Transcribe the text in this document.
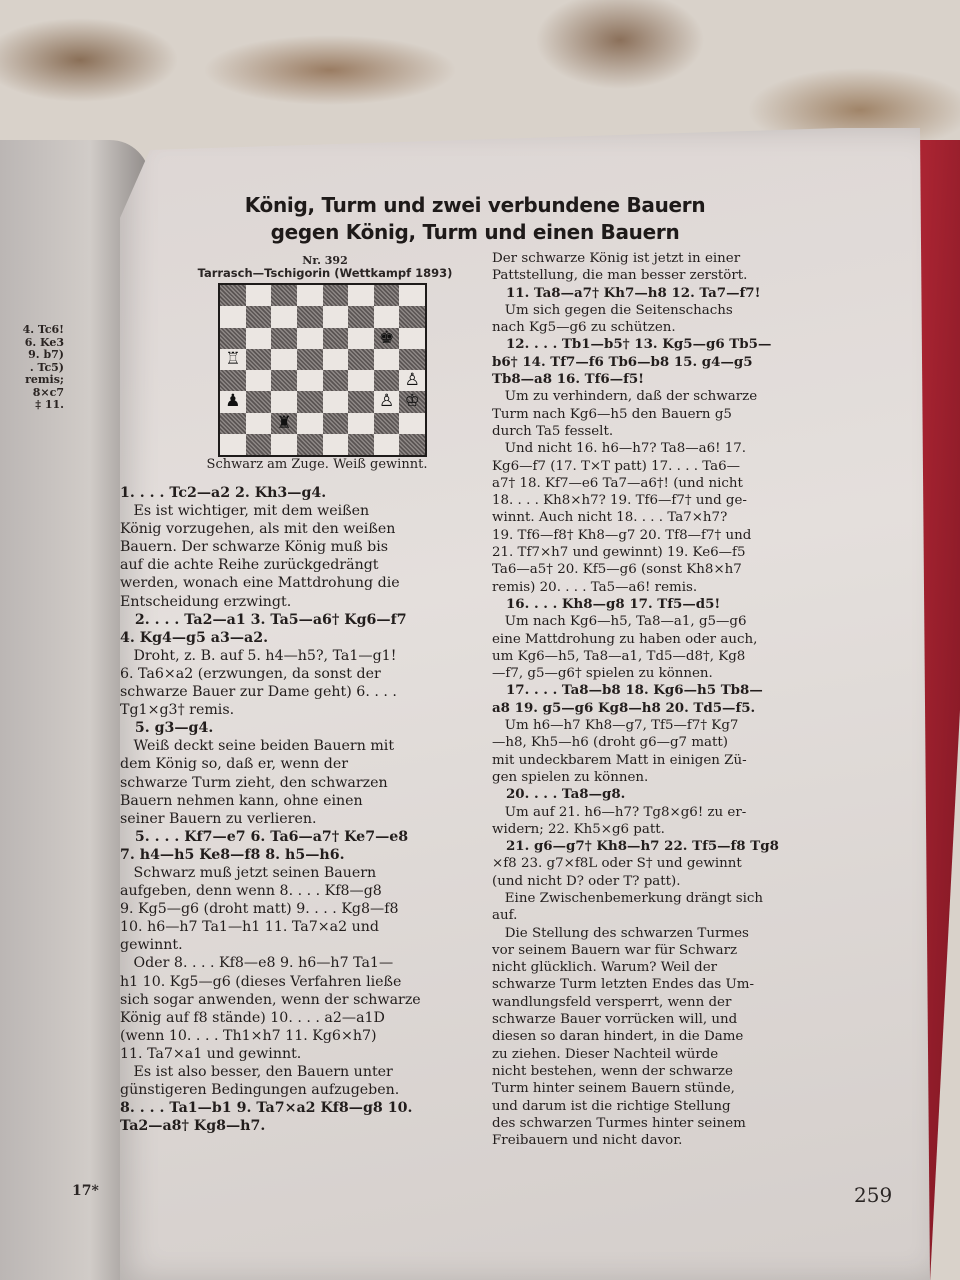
4. Tc6!
6. Ke3
9. b7)
. Tc5)
remis;
8×c7
‡ 11.
König, Turm und zwei verbundene Bauern
gegen König, Turm und einen Bauern
Nr. 392
Tarrasch—Tschigorin (Wettkampf 1893)
♚
♖
♙
♟	♙ ♔
♜
Schwarz am Zuge. Weiß gewinnt.

1. . . . Tc2—a2 2. Kh3—g4.

Es ist wichtiger, mit dem weißen

König vorzugehen, als mit den weißen

Bauern. Der schwarze König muß bis

auf die achte Reihe zurückgedrängt

werden, wonach eine Mattdrohung die

Entscheidung erzwingt.

2. . . . Ta2—a1 3. Ta5—a6† Kg6—f7

4. Kg4—g5 a3—a2.

Droht, z. B. auf 5. h4—h5?, Ta1—g1!

6. Ta6×a2 (erzwungen, da sonst der

schwarze Bauer zur Dame geht) 6. . . .

Tg1×g3† remis.

5. g3—g4.

Weiß deckt seine beiden Bauern mit

dem König so, daß er, wenn der

schwarze Turm zieht, den schwarzen

Bauern nehmen kann, ohne einen

seiner Bauern zu verlieren.

5. . . . Kf7—e7 6. Ta6—a7† Ke7—e8

7. h4—h5 Ke8—f8 8. h5—h6.

Schwarz muß jetzt seinen Bauern

aufgeben, denn wenn 8. . . . Kf8—g8

9. Kg5—g6 (droht matt) 9. . . . Kg8—f8

10. h6—h7 Ta1—h1 11. Ta7×a2 und

gewinnt.

Oder 8. . . . Kf8—e8 9. h6—h7 Ta1—

h1 10. Kg5—g6 (dieses Verfahren ließe

sich sogar anwenden, wenn der schwarze

König auf f8 stände) 10. . . . a2—a1D

(wenn 10. . . . Th1×h7 11. Kg6×h7)

11. Ta7×a1 und gewinnt.

Es ist also besser, den Bauern unter

günstigeren Bedingungen aufzugeben.

8. . . . Ta1—b1 9. Ta7×a2 Kf8—g8 10.

Ta2—a8† Kg8—h7.

Der schwarze König ist jetzt in einer

Pattstellung, die man besser zerstört.

11. Ta8—a7† Kh7—h8 12. Ta7—f7!

Um sich gegen die Seitenschachs

nach Kg5—g6 zu schützen.

12. . . . Tb1—b5† 13. Kg5—g6 Tb5—

b6† 14. Tf7—f6 Tb6—b8 15. g4—g5

Tb8—a8 16. Tf6—f5!

Um zu verhindern, daß der schwarze

Turm nach Kg6—h5 den Bauern g5

durch Ta5 fesselt.

Und nicht 16. h6—h7? Ta8—a6! 17.

Kg6—f7 (17. T×T patt) 17. . . . Ta6—

a7† 18. Kf7—e6 Ta7—a6†! (und nicht

18. . . . Kh8×h7? 19. Tf6—f7† und ge-

winnt. Auch nicht 18. . . . Ta7×h7?

19. Tf6—f8† Kh8—g7 20. Tf8—f7† und

21. Tf7×h7 und gewinnt) 19. Ke6—f5

Ta6—a5† 20. Kf5—g6 (sonst Kh8×h7

remis) 20. . . . Ta5—a6! remis.

16. . . . Kh8—g8 17. Tf5—d5!

Um nach Kg6—h5, Ta8—a1, g5—g6

eine Mattdrohung zu haben oder auch,

um Kg6—h5, Ta8—a1, Td5—d8†, Kg8

—f7, g5—g6† spielen zu können.

17. . . . Ta8—b8 18. Kg6—h5 Tb8—

a8 19. g5—g6 Kg8—h8 20. Td5—f5.

Um h6—h7 Kh8—g7, Tf5—f7† Kg7

—h8, Kh5—h6 (droht g6—g7 matt)

mit undeckbarem Matt in einigen Zü-

gen spielen zu können.

20. . . . Ta8—g8.

Um auf 21. h6—h7? Tg8×g6! zu er-

widern; 22. Kh5×g6 patt.

21. g6—g7† Kh8—h7 22. Tf5—f8 Tg8

×f8 23. g7×f8L oder S† und gewinnt

(und nicht D? oder T? patt).

Eine Zwischenbemerkung drängt sich

auf.

Die Stellung des schwarzen Turmes

vor seinem Bauern war für Schwarz

nicht glücklich. Warum? Weil der

schwarze Turm letzten Endes das Um-

wandlungsfeld versperrt, wenn der

schwarze Bauer vorrücken will, und

diesen so daran hindert, in die Dame

zu ziehen. Dieser Nachteil würde

nicht bestehen, wenn der schwarze

Turm hinter seinem Bauern stünde,

und darum ist die richtige Stellung

des schwarzen Turmes hinter seinem

Freibauern und nicht davor.

17*	259
